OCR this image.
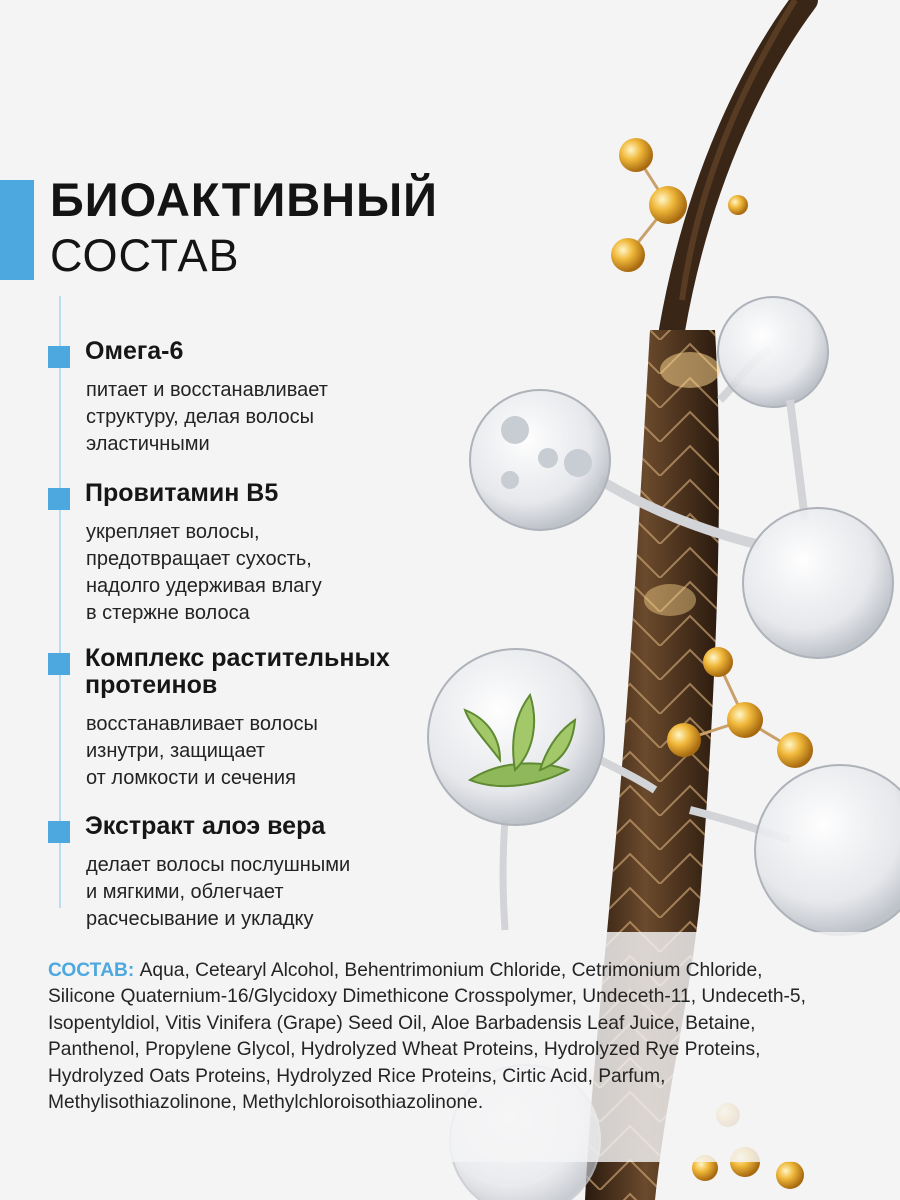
БИОАКТИВНЫЙ
СОСТАВ
Омега-6
питает и восстанавливает
структуру, делая волосы
эластичными
Провитамин B5
укрепляет волосы,
предотвращает сухость,
надолго удерживая влагу
в стержне волоса
Комплекс растительных
протеинов
восстанавливает волосы
изнутри, защищает
от ломкости и сечения
Экстракт алоэ вера
делает волосы послушными
и мягкими, облегчает
расчесывание и укладку
СОСТАВ: Aqua, Cetearyl Alcohol, Behentrimonium Chloride, Cetrimonium Chloride, Silicone Quaternium-16/Glycidoxy Dimethicone Crosspolymer, Undeceth-11, Undeceth-5, Isopentyldiol, Vitis Vinifera (Grape) Seed Oil, Aloe Barbadensis Leaf Juice, Betaine, Panthenol, Propylene Glycol, Hydrolyzed Wheat Proteins, Hydrolyzed Rye Proteins, Hydrolyzed Oats Proteins, Hydrolyzed Rice Proteins, Cirtic Acid, Parfum, Methylisothiazolinone, Methylchloroisothiazolinone.
